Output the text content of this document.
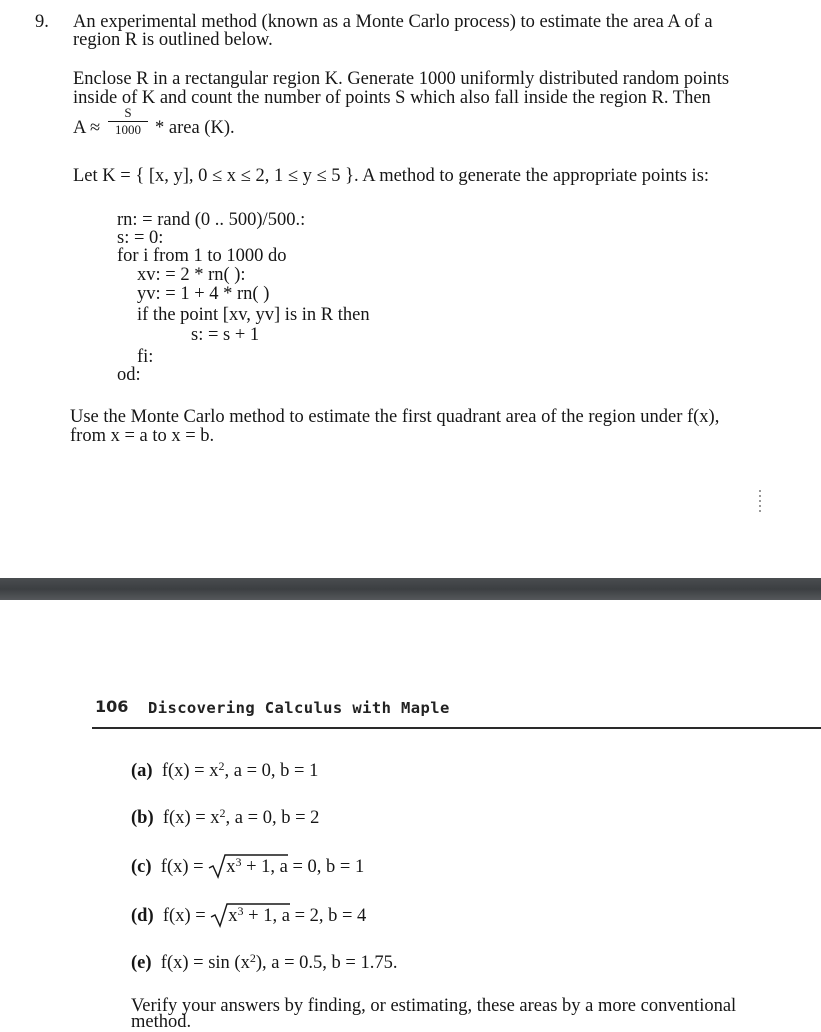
9. An experimental method (known as a Monte Carlo process) to estimate the area A of a
region R is outlined below.
Enclose R in a rectangular region K. Generate 1000 uniformly distributed random points
inside of K and count the number of points S which also fall inside the region R. Then
A ≈
S
1000 * area (K).
Let K = { [x, y], 0 ≤ x ≤ 2, 1 ≤ y ≤ 5 }. A method to generate the appropriate points is:
rn: = rand (0 .. 500)/500.:
s: = 0:
for i from 1 to 1000 do
xv: = 2 * rn( ):
yv: = 1 + 4 * rn( )
if the point [xv, yv] is in R then
s: = s + 1
fi:
od:
Use the Monte Carlo method to estimate the first quadrant area of the region under f(x),
from x = a to x = b.
106 Discovering Calculus with Maple
(a) $f(x) = x^2$, a = 0, b = 1
(b) $f(x) = x^2$, a = 0, b = 2
(c) f(x) =
$x^3 + 1$, a = 0, b = 1
(d) f(x) =
$x^3 + 1$, a = 2, b = 4
(e) $f(x) = \sin (x^2)$, a = 0.5, b = 1.75.
Verify your answers by finding, or estimating, these areas by a more conventional
method.
